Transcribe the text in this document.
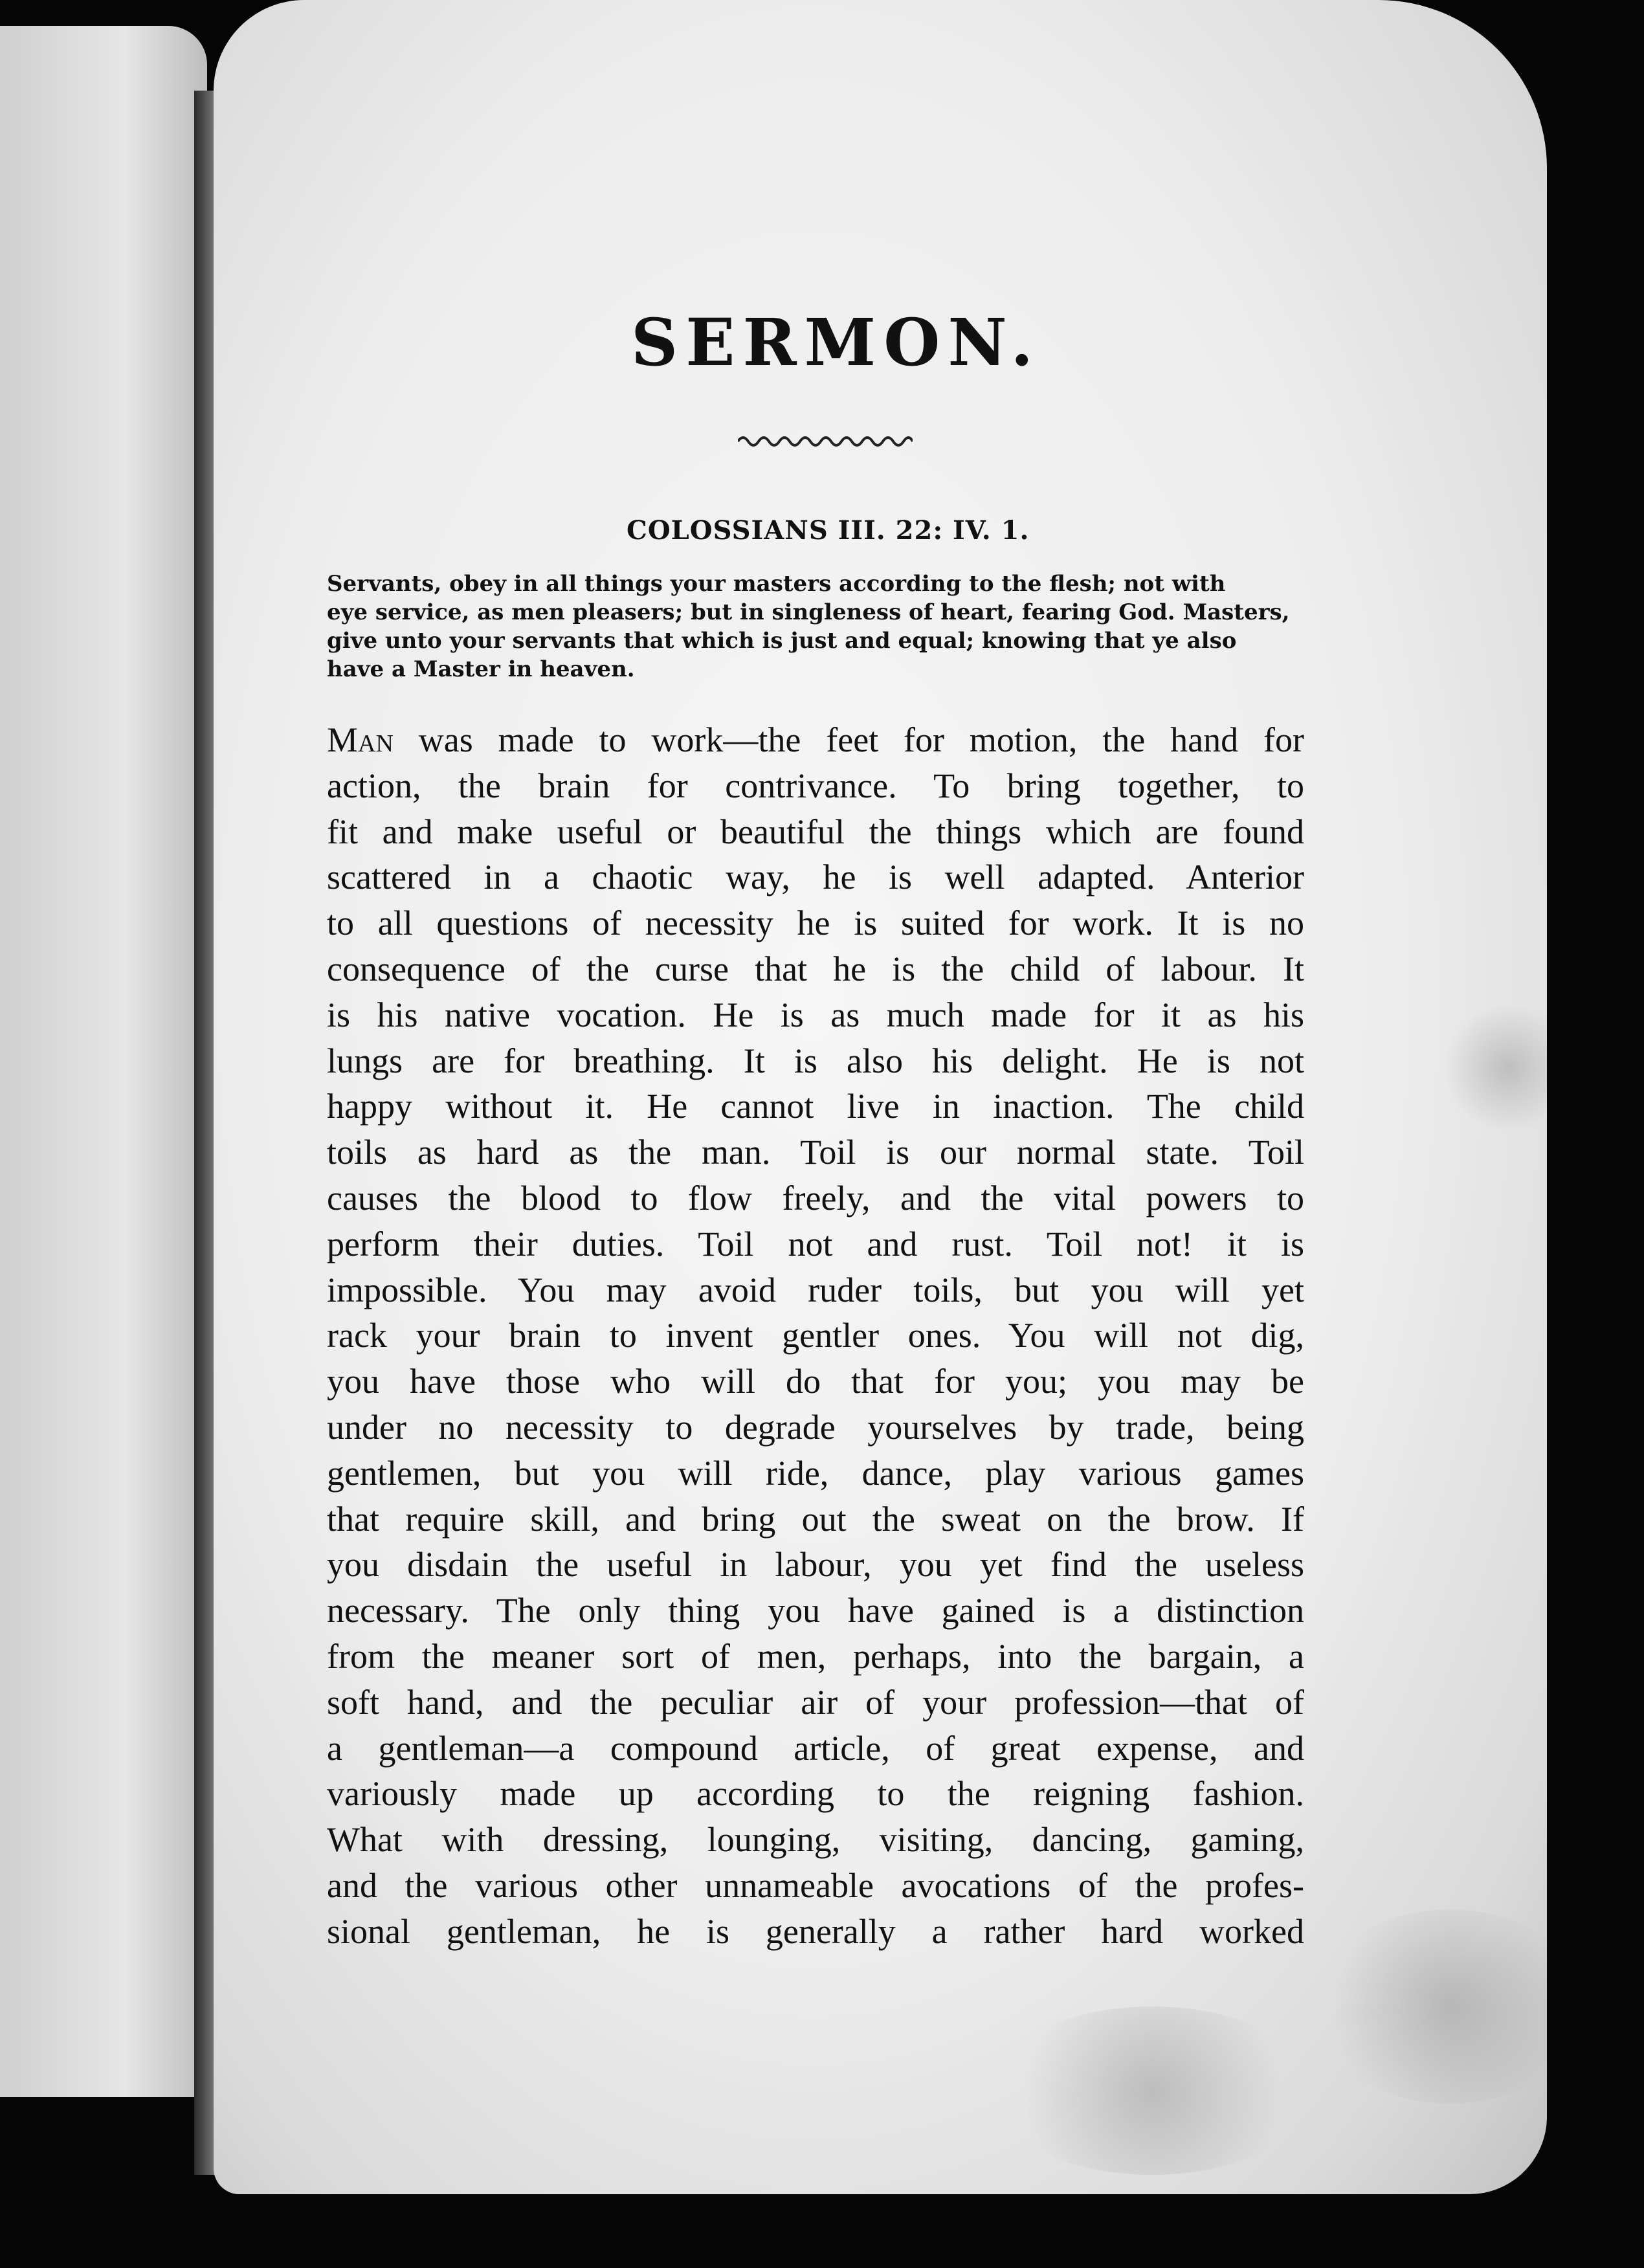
SERMON.
COLOSSIANS III. 22: IV. 1.
Servants, obey in all things your masters according to the flesh; not with
eye service, as men pleasers; but in singleness of heart, fearing God. Masters,
give unto your servants that which is just and equal; knowing that ye also
have a Master in heaven.
Man was made to work—the feet for motion, the hand for
action, the brain for contrivance. To bring together, to
fit and make useful or beautiful the things which are found
scattered in a chaotic way, he is well adapted. Anterior
to all questions of necessity he is suited for work. It is no
consequence of the curse that he is the child of labour. It
is his native vocation. He is as much made for it as his
lungs are for breathing. It is also his delight. He is not
happy without it. He cannot live in inaction. The child
toils as hard as the man. Toil is our normal state. Toil
causes the blood to flow freely, and the vital powers to
perform their duties. Toil not and rust. Toil not! it is
impossible. You may avoid ruder toils, but you will yet
rack your brain to invent gentler ones. You will not dig,
you have those who will do that for you; you may be
under no necessity to degrade yourselves by trade, being
gentlemen, but you will ride, dance, play various games
that require skill, and bring out the sweat on the brow. If
you disdain the useful in labour, you yet find the useless
necessary. The only thing you have gained is a distinction
from the meaner sort of men, perhaps, into the bargain, a
soft hand, and the peculiar air of your profession—that of
a gentleman—a compound article, of great expense, and
variously made up according to the reigning fashion.
What with dressing, lounging, visiting, dancing, gaming,
and the various other unnameable avocations of the profes-
sional gentleman, he is generally a rather hard worked
